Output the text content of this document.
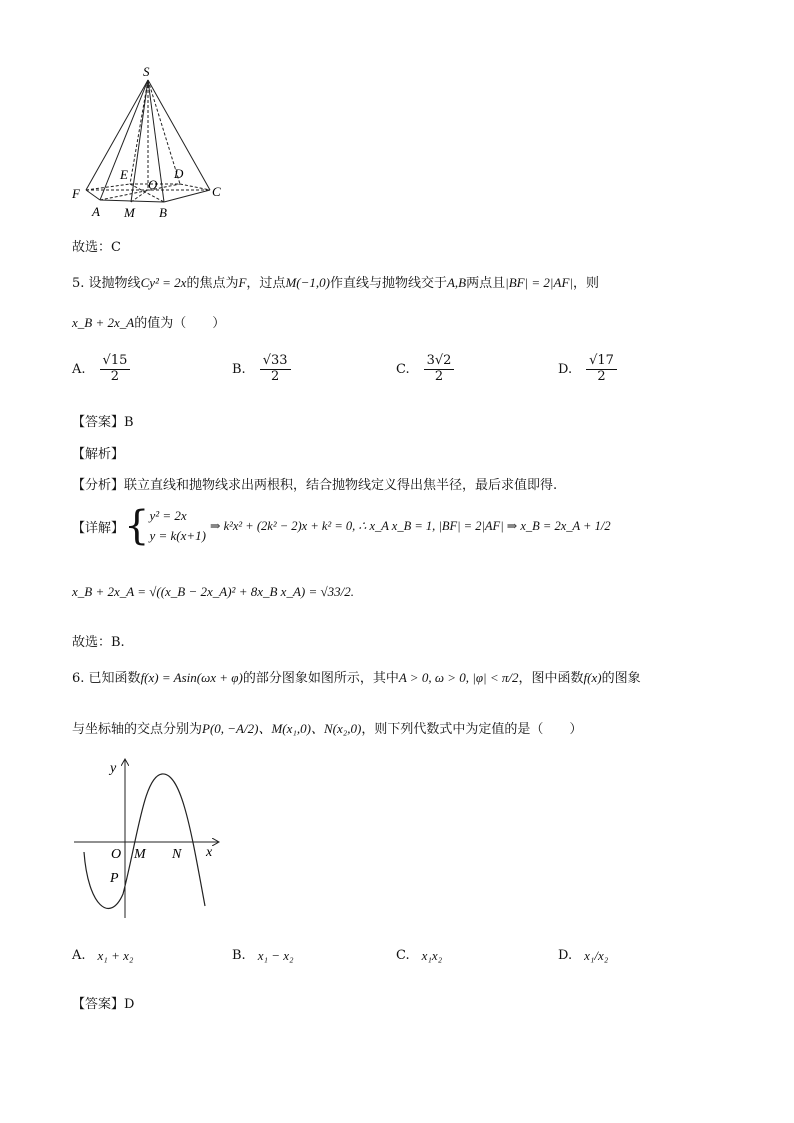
S
E	D
O
F	C
A M B
故选：C
5. 设抛物线Cy² = 2x的焦点为F，过点M(−1,0)作直线与抛物线交于A,B两点且|BF| = 2|AF|，则
x_B + 2x_A的值为（　　）
A. $\frac{√15}{2}$	B. $\frac{√33}{2}$	C. $\frac{3√2}{2}$	D. $\frac{√17}{2}$
【答案】B
【解析】
【分析】联立直线和抛物线求出两根积，结合抛物线定义得出焦半径，最后求值即得.
【详解】 { y² = 2x
y = k(x+1)
⇒ k²x² + (2k² − 2)x + k² = 0, ∴ x_A x_B = 1, |BF| = 2|AF| ⇒ x_B = 2x_A + 1/2
x_B + 2x_A = √((x_B − 2x_A)² + 8x_B x_A) = √33/2.
故选：B.
6. 已知函数f(x) = Asin(ωx + φ)的部分图象如图所示，其中A > 0, ω > 0, |φ| < π/2，图中函数f(x)的图象
与坐标轴的交点分别为P(0, −A/2)、M(x₁,0)、N(x₂,0)，则下列代数式中为定值的是（　　）
y
x
O M N
P
A. x₁ + x₂	B. x₁ − x₂	C. x₁x₂	D. x₁/x₂
【答案】D
